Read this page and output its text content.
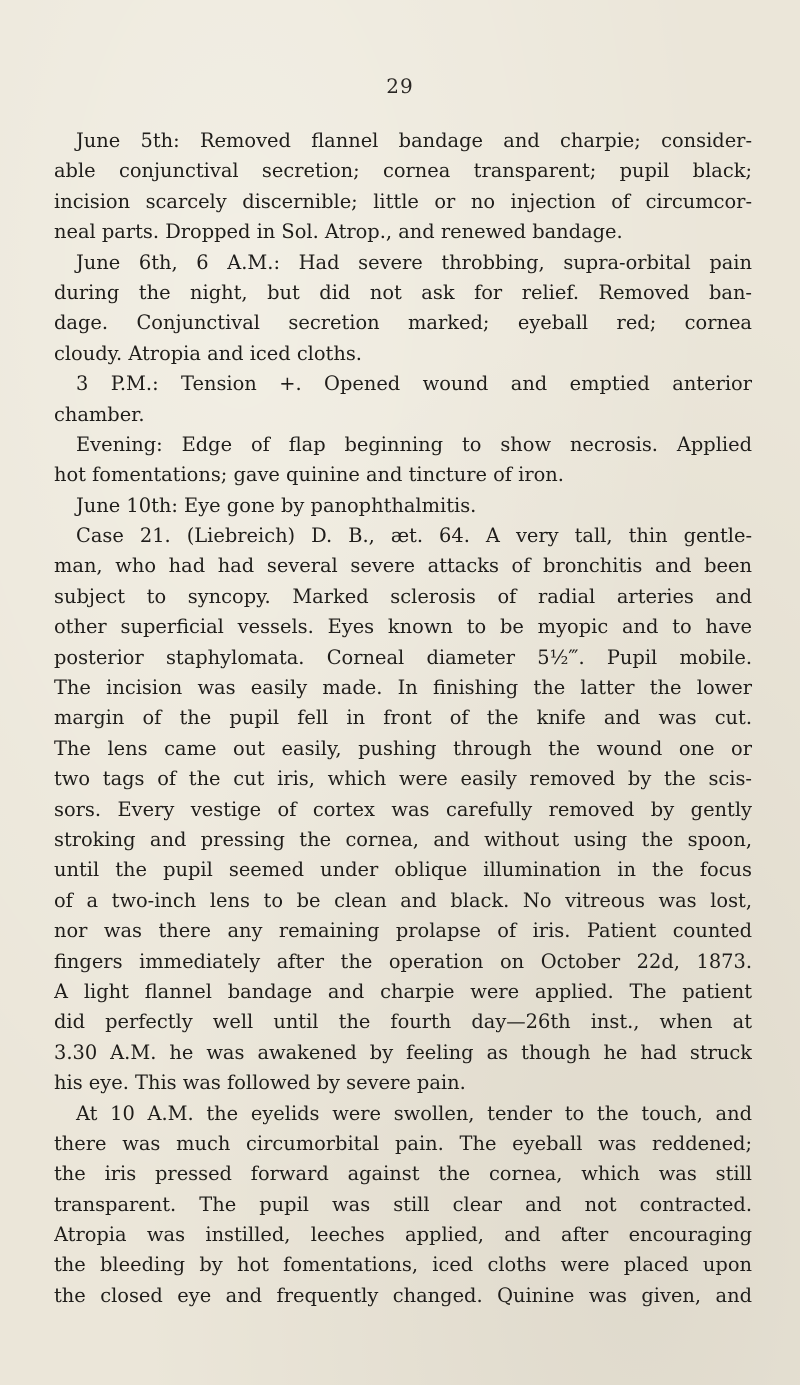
29
June 5th: Removed flannel bandage and charpie; consider-
able conjunctival secretion; cornea transparent; pupil black;
incision scarcely discernible; little or no injection of circumcor-
neal parts. Dropped in Sol. Atrop., and renewed bandage.
June 6th, 6 A.M.: Had severe throbbing, supra-orbital pain
during the night, but did not ask for relief. Removed ban-
dage. Conjunctival secretion marked; eyeball red; cornea
cloudy. Atropia and iced cloths.
3 P.M.: Tension +. Opened wound and emptied anterior
chamber.
Evening: Edge of flap beginning to show necrosis. Applied
hot fomentations; gave quinine and tincture of iron.
June 10th: Eye gone by panophthalmitis.
Case 21. (Liebreich) D. B., æt. 64. A very tall, thin gentle-
man, who had had several severe attacks of bronchitis and been
subject to syncopy. Marked sclerosis of radial arteries and
other superficial vessels. Eyes known to be myopic and to have
posterior staphylomata. Corneal diameter 5½‴. Pupil mobile.
The incision was easily made. In finishing the latter the lower
margin of the pupil fell in front of the knife and was cut.
The lens came out easily, pushing through the wound one or
two tags of the cut iris, which were easily removed by the scis-
sors. Every vestige of cortex was carefully removed by gently
stroking and pressing the cornea, and without using the spoon,
until the pupil seemed under oblique illumination in the focus
of a two-inch lens to be clean and black. No vitreous was lost,
nor was there any remaining prolapse of iris. Patient counted
fingers immediately after the operation on October 22d, 1873.
A light flannel bandage and charpie were applied. The patient
did perfectly well until the fourth day—26th inst., when at
3.30 A.M. he was awakened by feeling as though he had struck
his eye. This was followed by severe pain.
At 10 A.M. the eyelids were swollen, tender to the touch, and
there was much circumorbital pain. The eyeball was reddened;
the iris pressed forward against the cornea, which was still
transparent. The pupil was still clear and not contracted.
Atropia was instilled, leeches applied, and after encouraging
the bleeding by hot fomentations, iced cloths were placed upon
the closed eye and frequently changed. Quinine was given, and
